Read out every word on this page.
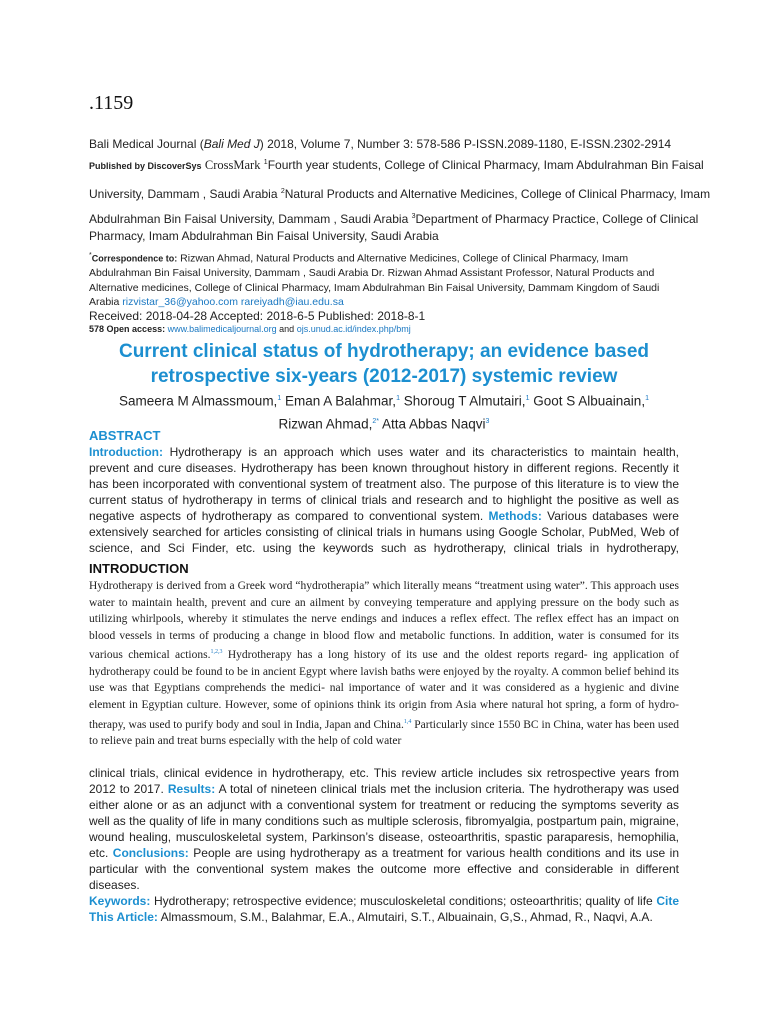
.1159
Bali Medical Journal (Bali Med J) 2018, Volume 7, Number 3: 578-586 P-ISSN.2089-1180, E-ISSN.2302-2914
Published by DiscoverSys CrossMark $^1$Fourth year students, College of Clinical Pharmacy, Imam Abdulrahman Bin Faisal
University, Dammam , Saudi Arabia $^2$Natural Products and Alternative Medicines, College of Clinical Pharmacy, Imam
Abdulrahman Bin Faisal University, Dammam , Saudi Arabia $^3$Department of Pharmacy Practice, College of Clinical
Pharmacy, Imam Abdulrahman Bin Faisal University, Saudi Arabia
*Correspondence to: Rizwan Ahmad, Natural Products and Alternative Medicines, College of Clinical Pharmacy, Imam
Abdulrahman Bin Faisal University, Dammam , Saudi Arabia Dr. Rizwan Ahmad Assistant Professor, Natural Products and
Alternative medicines, College of Clinical Pharmacy, Imam Abdulrahman Bin Faisal University, Dammam Kingdom of Saudi
Arabia rizvistar_36@yahoo.com rareiyadh@iau.edu.sa
Received: 2018-04-28 Accepted: 2018-6-5 Published: 2018-8-1
578 Open access: www.balimedicaljournal.org and ojs.unud.ac.id/index.php/bmj
Current clinical status of hydrotherapy; an evidence based
retrospective six-years (2012-2017) systemic review
Sameera M Almassmoum,$^1$ Eman A Balahmar,$^1$ Shoroug T Almutairi,$^1$ Goot S Albuainain,$^1$
Rizwan Ahmad,$^{2*}$ Atta Abbas Naqvi$^3$
ABSTRACT
Introduction: Hydrotherapy is an approach which uses water and its characteristics to maintain health, prevent and cure diseases. Hydrotherapy has been known throughout history in different regions. Recently it has been incorporated with conventional system of treatment also. The purpose of this literature is to view the current status of hydrotherapy in terms of clinical trials and research and to highlight the positive as well as negative aspects of hydrotherapy as compared to conventional system. Methods: Various databases were extensively searched for articles consisting of clinical trials in humans using Google Scholar, PubMed, Web of science, and Sci Finder, etc. using the keywords such as hydrotherapy, clinical trials in hydrotherapy,
INTRODUCTION
Hydrotherapy is derived from a Greek word “hydrotherapia” which literally means “treatment using water”. This approach uses water to maintain health, prevent and cure an ailment by conveying temperature and applying pressure on the body such as utilizing whirlpools, whereby it stimulates the nerve endings and induces a reflex effect. The reflex effect has an impact on blood vessels in terms of producing a change in blood flow and metabolic functions. In addition, water is consumed for its various chemical actions.$^{1,2,3}$ Hydrotherapy has a long history of its use and the oldest reports regard- ing application of hydrotherapy could be found to be in ancient Egypt where lavish baths were enjoyed by the royalty. A common belief behind its use was that Egyptians comprehends the medici- nal importance of water and it was considered as a hygienic and divine element in Egyptian culture. However, some of opinions think its origin from Asia where natural hot spring, a form of hydro- therapy, was used to purify body and soul in India, Japan and China.$^{1,4}$ Particularly since 1550 BC in China, water has been used to relieve pain and treat burns especially with the help of cold water
clinical trials, clinical evidence in hydrotherapy, etc. This review article includes six retrospective years from 2012 to 2017. Results: A total of nineteen clinical trials met the inclusion criteria. The hydrotherapy was used either alone or as an adjunct with a conventional system for treatment or reducing the symptoms severity as well as the quality of life in many conditions such as multiple sclerosis, fibromyalgia, postpartum pain, migraine, wound healing, musculoskeletal system, Parkinson’s disease, osteoarthritis, spastic paraparesis, hemophilia, etc. Conclusions: People are using hydrotherapy as a treatment for various health conditions and its use in particular with the conventional system makes the outcome more effective and considerable in different diseases.
Keywords: Hydrotherapy; retrospective evidence; musculoskeletal conditions; osteoarthritis; quality of life Cite This Article: Almassmoum, S.M., Balahmar, E.A., Almutairi, S.T., Albuainain, G,S., Ahmad, R., Naqvi, A.A.
